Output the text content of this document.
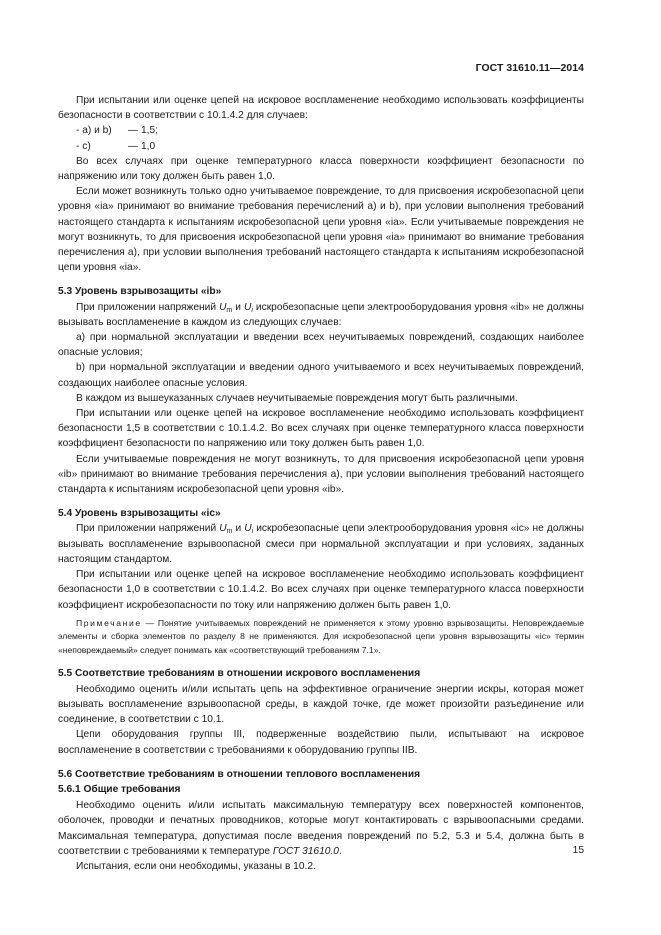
ГОСТ 31610.11—2014

При испытании или оценке цепей на искровое воспламенение необходимо использовать коэффициенты безопасности в соответствии с 10.1.4.2 для случаев:

- a) и b)	— 1,5;
- c)	— 1,0

Во всех случаях при оценке температурного класса поверхности коэффициент безопасности по напряжению или току должен быть равен 1,0.

Если может возникнуть только одно учитываемое повреждение, то для присвоения искробезопасной цепи уровня «ia» принимают во внимание требования перечислений а) и b), при условии выполнения требований настоящего стандарта к испытаниям искробезопасной цепи уровня «ia». Если учитываемые повреждения не могут возникнуть, то для присвоения искробезопасной цепи уровня «ia» принимают во внимание требования перечисления а), при условии выполнения требований настоящего стандарта к испытаниям искробезопасной цепи уровня «ia».

5.3 Уровень взрывозащиты «ib»

При приложении напряжений $U_m$ и $U_i$ искробезопасные цепи электрооборудования уровня «ib» не должны вызывать воспламенение в каждом из следующих случаев:

а) при нормальной эксплуатации и введении всех неучитываемых повреждений, создающих наиболее опасные условия;

b) при нормальной эксплуатации и введении одного учитываемого и всех неучитываемых повреждений, создающих наиболее опасные условия.

В каждом из вышеуказанных случаев неучитываемые повреждения могут быть различными.

При испытании или оценке цепей на искровое воспламенение необходимо использовать коэффициент безопасности 1,5 в соответствии с 10.1.4.2. Во всех случаях при оценке температурного класса поверхности коэффициент безопасности по напряжению или току должен быть равен 1,0.

Если учитываемые повреждения не могут возникнуть, то для присвоения искробезопасной цепи уровня «ib» принимают во внимание требования перечисления а), при условии выполнения требований настоящего стандарта к испытаниям искробезопасной цепи уровня «ib».

5.4 Уровень взрывозащиты «ic»

При приложении напряжений $U_m$ и $U_i$ искробезопасные цепи электрооборудования уровня «ic» не должны вызывать воспламенение взрывоопасной смеси при нормальной эксплуатации и при условиях, заданных настоящим стандартом.

При испытании или оценке цепей на искровое воспламенение необходимо использовать коэффициент безопасности 1,0 в соответствии с 10.1.4.2. Во всех случаях при оценке температурного класса поверхности коэффициент искробезопасности по току или напряжению должен быть равен 1,0.

Примечание — Понятие учитываемых повреждений не применяется к этому уровню взрывозащиты. Неповреждаемые элементы и сборка элементов по разделу 8 не применяются. Для искробезопасной цепи уровня взрывозащиты «ic» термин «неповреждаемый» следует понимать как «соответствующий требованиям 7.1».

5.5 Соответствие требованиям в отношении искрового воспламенения

Необходимо оценить и/или испытать цепь на эффективное ограничение энергии искры, которая может вызывать воспламенение взрывоопасной среды, в каждой точке, где может произойти разъединение или соединение, в соответствии с 10.1.

Цепи оборудования группы III, подверженные воздействию пыли, испытывают на искровое воспламенение в соответствии с требованиями к оборудованию группы IIB.

5.6 Соответствие требованиям в отношении теплового воспламенения

5.6.1 Общие требования

Необходимо оценить и/или испытать максимальную температуру всех поверхностей компонентов, оболочек, проводки и печатных проводников, которые могут контактировать с взрывоопасными средами. Максимальная температура, допустимая после введения повреждений по 5.2, 5.3 и 5.4, должна быть в соответствии с требованиями к температуре ГОСТ 31610.0.

Испытания, если они необходимы, указаны в 10.2.

15
